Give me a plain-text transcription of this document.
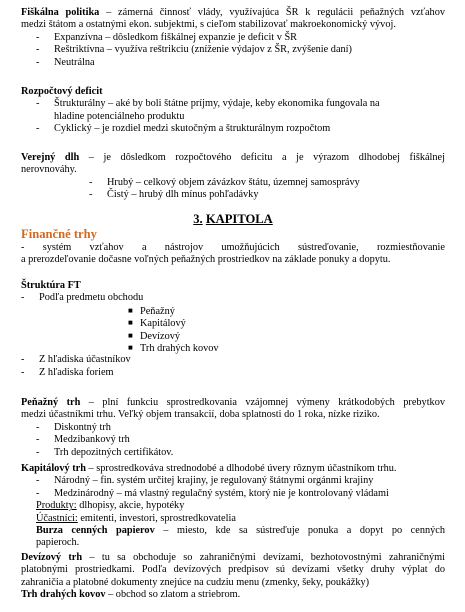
Fiškálna politika – zámerná činnosť vlády, využívajúca ŠR k regulácii peňažných vzťahov
medzi štátom a ostatnými ekon. subjektmi, s cieľom stabilizovať makroekonomický vývoj.
- Expanzívna – dôsledkom fiškálnej expanzie je deficit v ŠR
- Reštriktívna – využíva reštrikciu (zníženie výdajov z ŠR, zvýšenie daní)
- Neutrálna
Rozpočtový deficit
- Štrukturálny – aké by boli štátne príjmy, výdaje, keby ekonomika fungovala na
hladine potenciálneho produktu
- Cyklický – je rozdiel medzi skutočným a štrukturálnym rozpočtom
Verejný dlh – je dôsledkom rozpočtového deficitu a je výrazom dlhodobej fiškálnej
nerovnováhy.
- Hrubý – celkový objem závázkov štátu, územnej samosprávy
- Čistý – hrubý dlh mínus pohľadávky
3. KAPITOLA
Finančné trhy
- systém vzťahov a nástrojov umožňujúcich sústreďovanie, rozmiestňovanie
a prerozdeľovanie dočasne voľných peňažných prostriedkov na základe ponuky a dopytu.
Štruktúra FT
- Podľa predmetu obchodu
■ Peňažný
■ Kapitálový
■ Devízový
■ Trh drahých kovov
- Z hľadiska účastníkov
- Z hľadiska foriem
Peňažný trh – plní funkciu sprostredkovania vzájomnej výmeny krátkodobých prebytkov
medzi účastníkmi trhu. Veľký objem transakcií, doba splatnosti do 1 roka, nízke riziko.
- Diskontný trh
- Medzibankový trh
- Trh depozitných certifikátov.
Kapitálový trh – sprostredkováva strednodobé a dlhodobé úvery rôznym účastníkom trhu.
- Národný – fin. systém určitej krajiny, je regulovaný štátnymi orgánmi krajiny
- Medzinárodný – má vlastný regulačný systém, ktorý nie je kontrolovaný vládami
Produkty: dlhopisy, akcie, hypotéky
Účastníci: emitenti, investori, sprostredkovatelia
Burza cenných papierov – miesto, kde sa sústreďuje ponuka a dopyt po cenných
papieroch.
Devízový trh – tu sa obchoduje so zahraničnými devízami, bezhotovostnými zahraničnými
platobnými prostriedkami. Podľa devízových predpisov sú devízami všetky druhy výplat do
zahraničia a platobné dokumenty znejúce na cudziu menu (zmenky, šeky, poukážky)
Trh drahých kovov – obchod so zlatom a striebrom.
